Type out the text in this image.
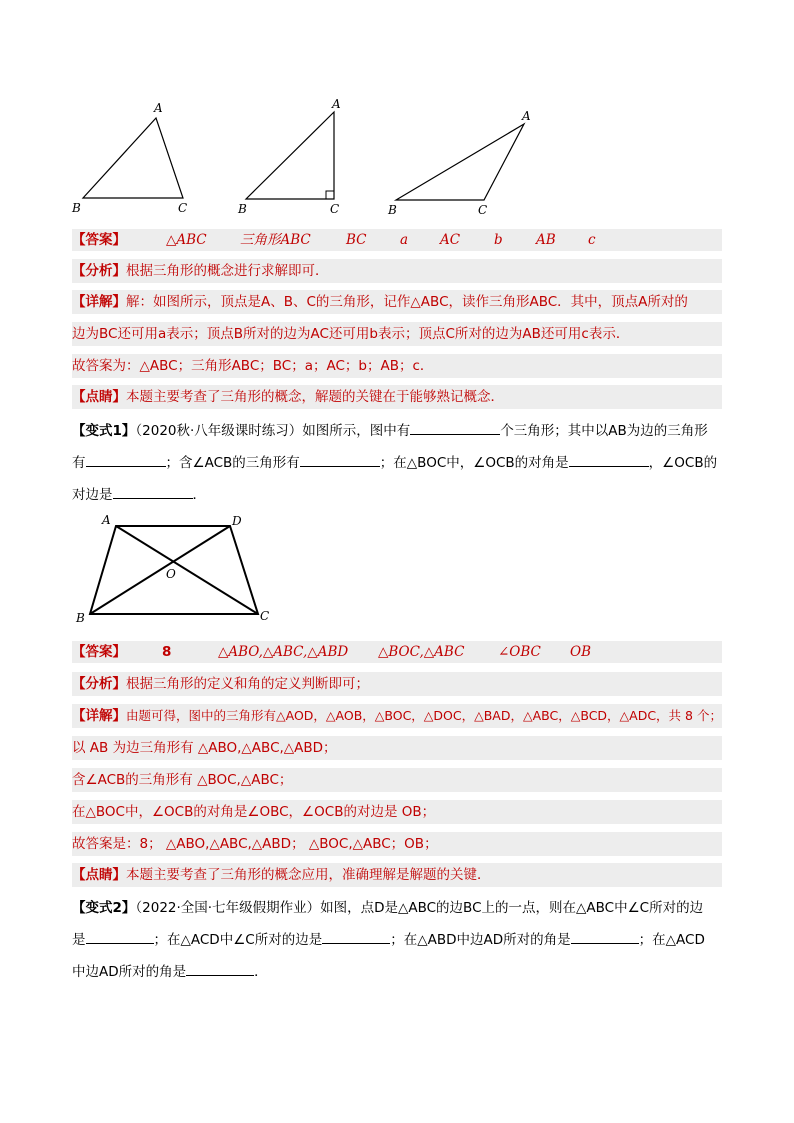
A
B	C
A
B	C
A
B	C
【答案】	△ABC 三角形ABC	BC a AC	b AB c
【分析】根据三角形的概念进行求解即可．
【详解】解：如图所示，顶点是A、B、C的三角形，记作△ABC，读作三角形ABC．其中，顶点A所对的
边为BC还可用a表示；顶点B所对的边为AC还可用b表示；顶点C所对的边为AB还可用c表示．
故答案为：△ABC；三角形ABC；BC；a；AC；b；AB；c．
【点睛】本题主要考查了三角形的概念，解题的关键在于能够熟记概念．
【变式1】（2020秋·八年级课时练习）如图所示，图中有	个三角形；其中以AB为边的三角形
有	；含∠ACB的三角形有	；在△BOC中，∠OCB的对角是	，∠OCB的
对边是	．
A	D
O
B	C
【答案】	8	△ABO,△ABC,△ABD △BOC,△ABC ∠OBC OB
【分析】根据三角形的定义和角的定义判断即可；
【详解】由题可得，图中的三角形有△AOD，△AOB，△BOC，△DOC，△BAD，△ABC，△BCD，△ADC，共 8 个；
以 AB 为边三角形有 △ABO,△ABC,△ABD；
含∠ACB的三角形有 △BOC,△ABC；
在△BOC中，∠OCB的对角是∠OBC，∠OCB的对边是 OB；
故答案是：8； △ABO,△ABC,△ABD； △BOC,△ABC；OB；
【点睛】本题主要考查了三角形的概念应用，准确理解是解题的关键．
【变式2】（2022·全国·七年级假期作业）如图，点D是△ABC的边BC上的一点，则在△ABC中∠C所对的边
是	；在△ACD中∠C所对的边是	；在△ABD中边AD所对的角是	；在△ACD
中边AD所对的角是	．
